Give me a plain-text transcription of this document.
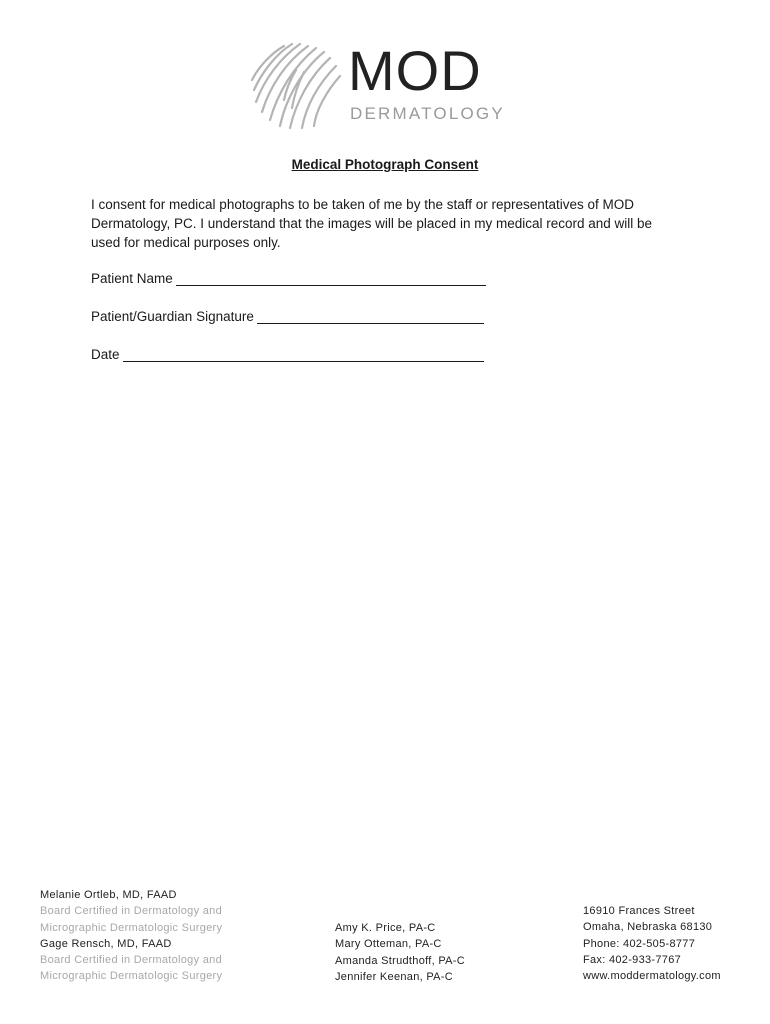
MOD
DERMATOLOGY
Medical Photograph Consent
I consent for medical photographs to be taken of me by the staff or representatives of MOD Dermatology, PC. I understand that the images will be placed in my medical record and will be used for medical purposes only.
Patient Name
Patient/Guardian Signature
Date
Melanie Ortleb, MD, FAAD
Board Certified in Dermatology and
Micrographic Dermatologic Surgery
Gage Rensch, MD, FAAD
Board Certified in Dermatology and
Micrographic Dermatologic Surgery
Amy K. Price, PA-C
Mary Otteman, PA-C
Amanda Strudthoff, PA-C
Jennifer Keenan, PA-C
16910 Frances Street
Omaha, Nebraska 68130
Phone: 402-505-8777
Fax: 402-933-7767
www.moddermatology.com
